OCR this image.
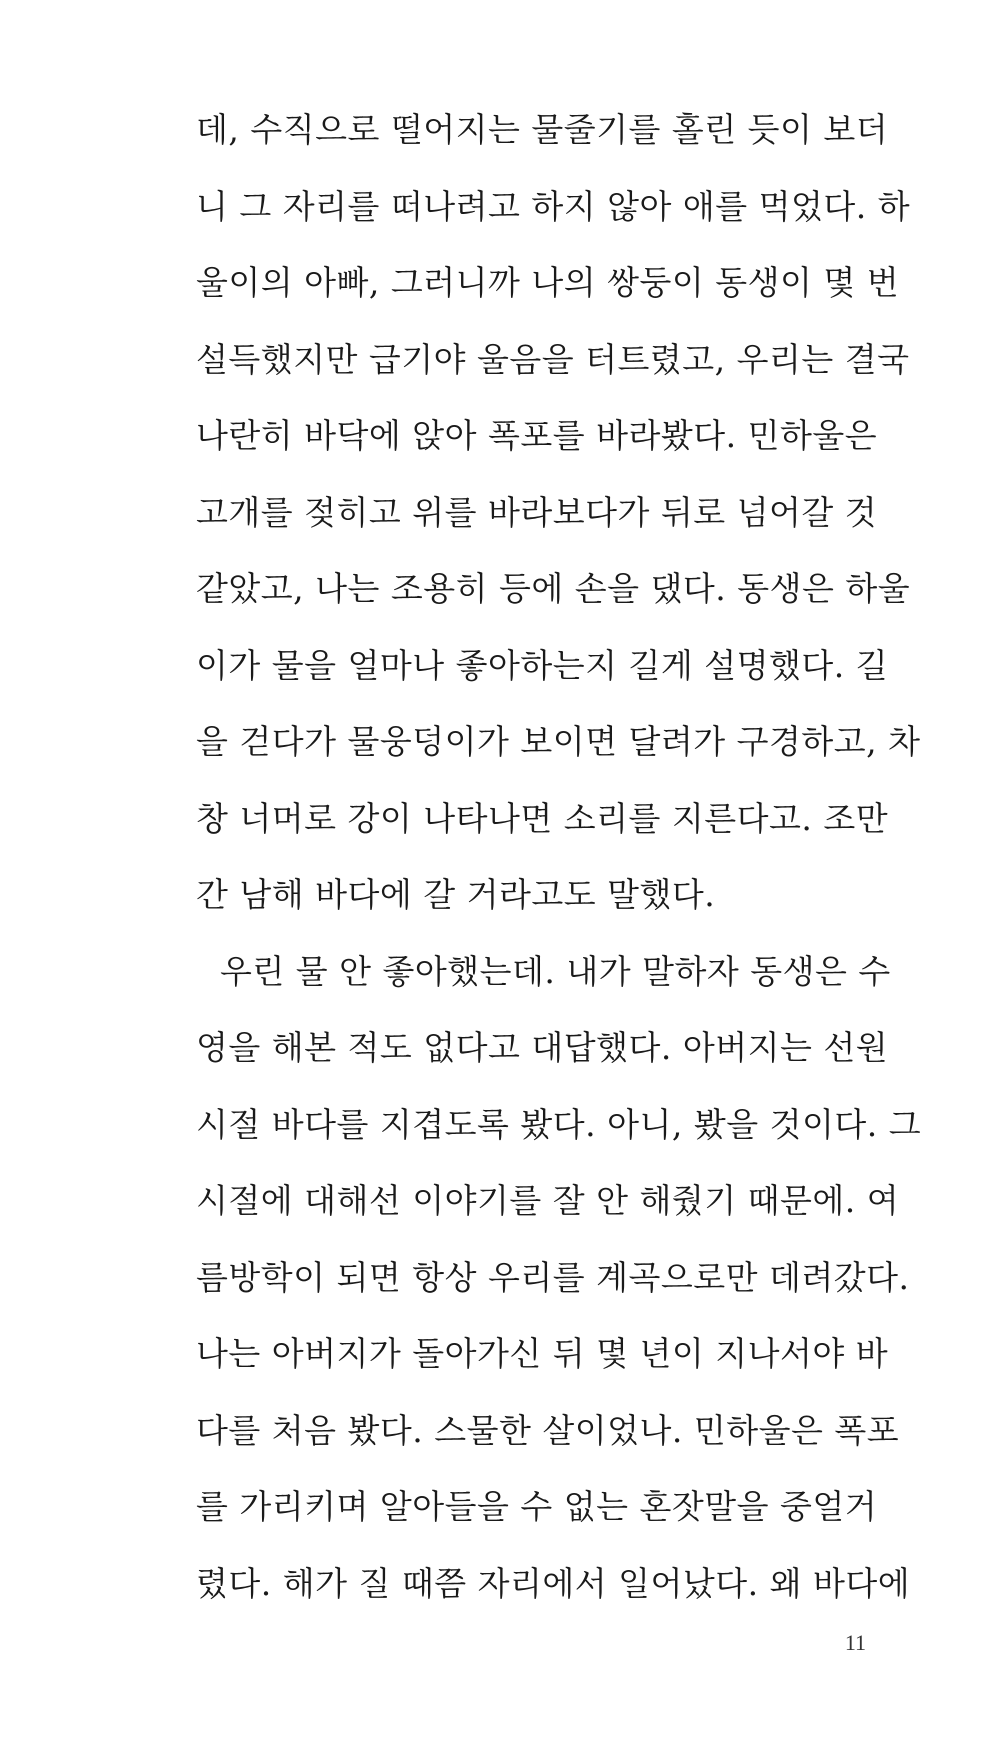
데, 수직으로 떨어지는 물줄기를 홀린 듯이 보더
니 그 자리를 떠나려고 하지 않아 애를 먹었다. 하
울이의 아빠, 그러니까 나의 쌍둥이 동생이 몇 번
설득했지만 급기야 울음을 터트렸고, 우리는 결국
나란히 바닥에 앉아 폭포를 바라봤다. 민하울은
고개를 젖히고 위를 바라보다가 뒤로 넘어갈 것
같았고, 나는 조용히 등에 손을 댔다. 동생은 하울
이가 물을 얼마나 좋아하는지 길게 설명했다. 길
을 걷다가 물웅덩이가 보이면 달려가 구경하고, 차
창 너머로 강이 나타나면 소리를 지른다고. 조만
간 남해 바다에 갈 거라고도 말했다.
우린 물 안 좋아했는데. 내가 말하자 동생은 수
영을 해본 적도 없다고 대답했다. 아버지는 선원
시절 바다를 지겹도록 봤다. 아니, 봤을 것이다. 그
시절에 대해선 이야기를 잘 안 해줬기 때문에. 여
름방학이 되면 항상 우리를 계곡으로만 데려갔다.
나는 아버지가 돌아가신 뒤 몇 년이 지나서야 바
다를 처음 봤다. 스물한 살이었나. 민하울은 폭포
를 가리키며 알아들을 수 없는 혼잣말을 중얼거
렸다. 해가 질 때쯤 자리에서 일어났다. 왜 바다에
11
